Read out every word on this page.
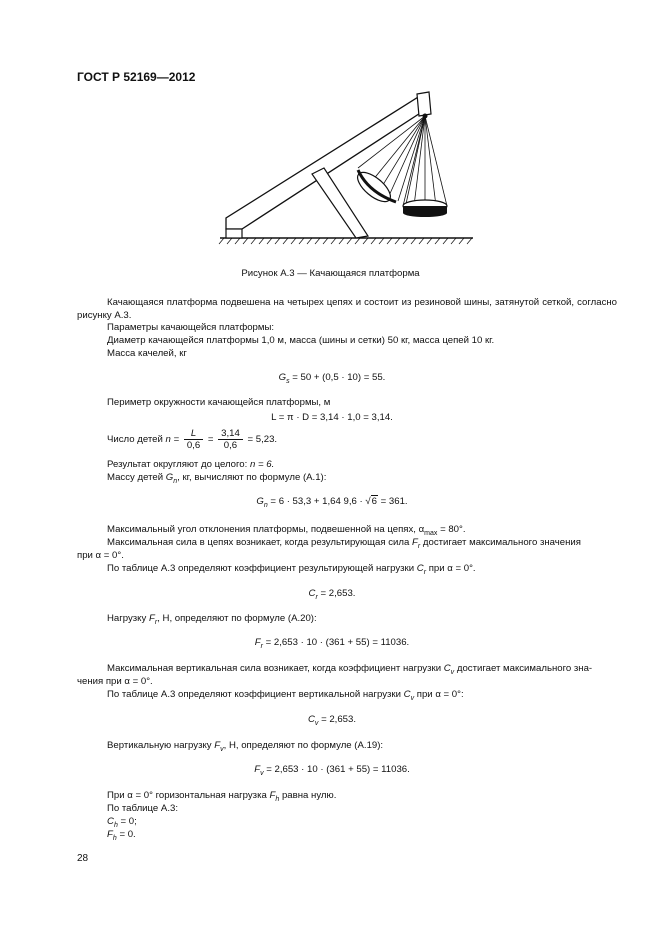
ГОСТ Р 52169—2012
Рисунок А.3 — Качающаяся платформа
Качающаяся платформа подвешена на четырех цепях и состоит из резиновой шины, затянутой сеткой, согласно рисунку А.3.
Параметры качающейся платформы:
Диаметр качающейся платформы 1,0 м, масса (шины и сетки) 50 кг, масса цепей 10 кг.
Масса качелей, кг
$G_s = 50 + (0,5 \cdot 10) = 55$.
Периметр окружности качающейся платформы, м
L = π · D = 3,14 · 1,0 = 3,14.
Число детей $n = \frac{L}{0,6} = \frac{3,14}{0,6} = 5,23$.
Результат округляют до целого: n = 6.
Массу детей $G_n$, кг, вычисляют по формуле (А.1):
$G_n = 6 \cdot 53,3 + 1,64$ 9,6 · √6 = 361.
Максимальный угол отклонения платформы, подвешенной на цепях, $\alpha_{max} = 80^\circ$.
Максимальная сила в цепях возникает, когда результирующая сила $F_r$ достигает максимального значения
при α = 0°.
По таблице А.3 определяют коэффициент результирующей нагрузки $C_r$ при α = 0°.
$C_r = 2,653$.
Нагрузку $F_r$, Н, определяют по формуле (А.20):
$F_r = 2,653 \cdot 10 \cdot (361 + 55) = 11036$.
Максимальная вертикальная сила возникает, когда коэффициент нагрузки $C_v$ достигает максимального зна-
чения при α = 0°.
По таблице А.3 определяют коэффициент вертикальной нагрузки $C_v$ при α = 0°:
$C_v = 2,653$.
Вертикальную нагрузку $F_v$, Н, определяют по формуле (А.19):
$F_v = 2,653 \cdot 10 \cdot (361 + 55) = 11036$.
При α = 0° горизонтальная нагрузка $F_h$ равна нулю.
По таблице А.3:
$C_h = 0$;
$F_h = 0$.
28
